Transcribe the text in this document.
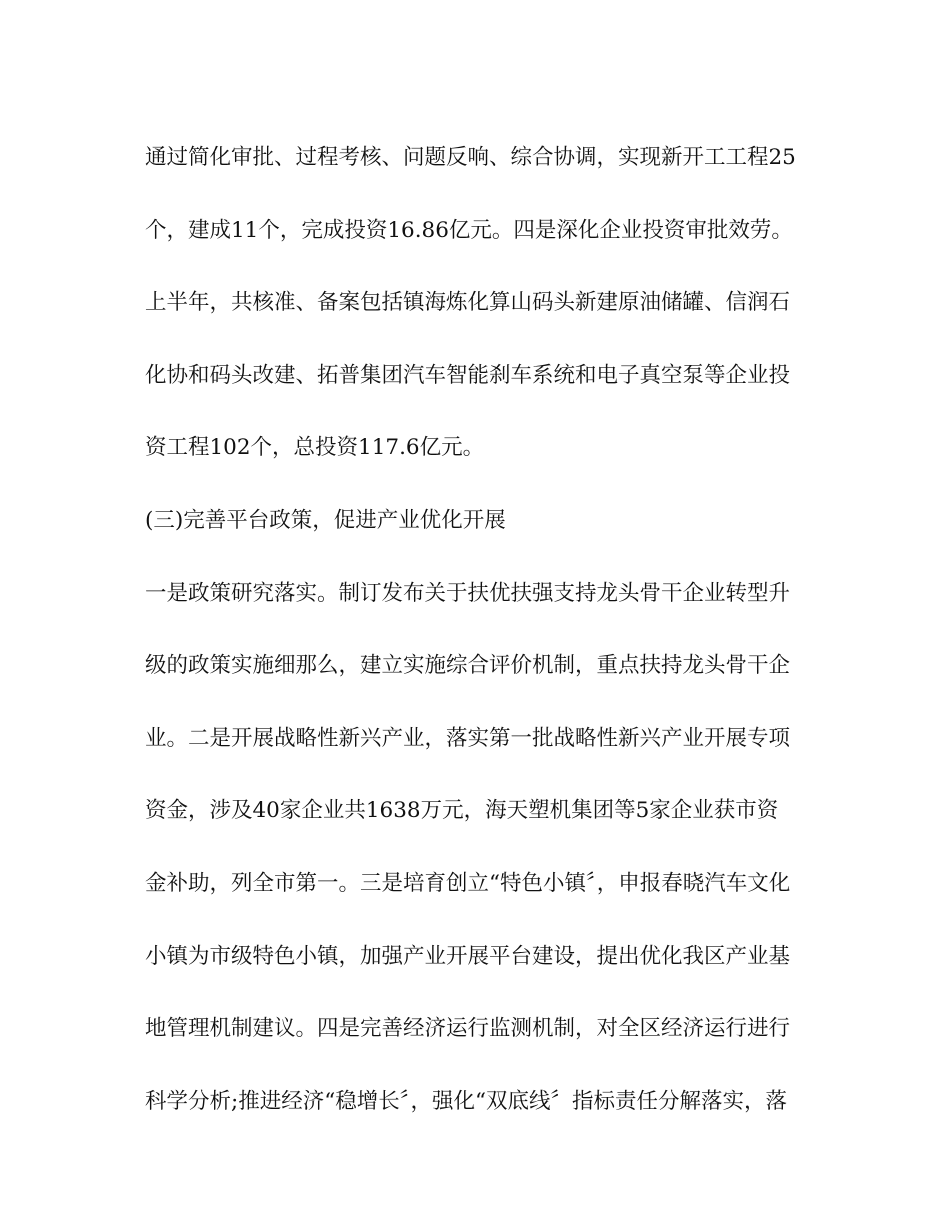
通过简化审批、过程考核、问题反响、综合协调，实现新开工工程25
个，建成11个，完成投资16.86亿元。四是深化企业投资审批效劳。
上半年，共核准、备案包括镇海炼化算山码头新建原油储罐、信润石
化协和码头改建、拓普集团汽车智能刹车系统和电子真空泵等企业投
资工程102个，总投资117.6亿元。
(三)完善平台政策，促进产业优化开展
一是政策研究落实。制订发布关于扶优扶强支持龙头骨干企业转型升
级的政策实施细那么，建立实施综合评价机制，重点扶持龙头骨干企
业。二是开展战略性新兴产业，落实第一批战略性新兴产业开展专项
资金，涉及40家企业共1638万元，海天塑机集团等5家企业获市资
金补助，列全市第一。三是培育创立“特色小镇〞，申报春晓汽车文化
小镇为市级特色小镇，加强产业开展平台建设，提出优化我区产业基
地管理机制建议。四是完善经济运行监测机制，对全区经济运行进行
科学分析;推进经济“稳增长〞，强化“双底线〞指标责任分解落实，落
